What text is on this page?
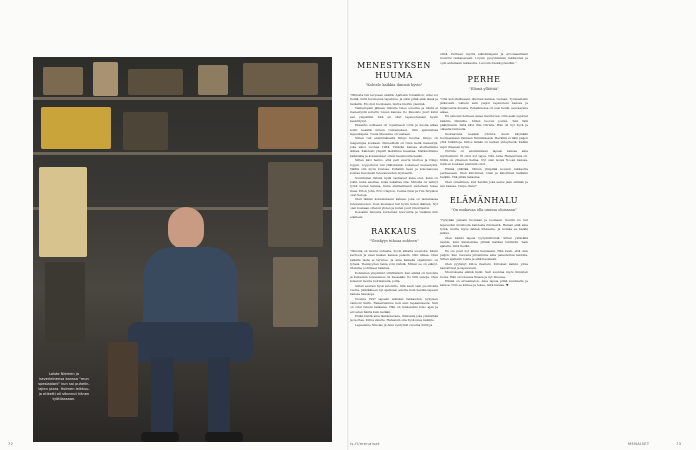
Loiste Niemen ja kaverieinensa kanssa "mun spesiaalani" kun sai puhelin-lajien pizza. Holmen leikkuu- ja etiketti oli sitonnut hänen työtilassaan.
MENESTYKSEN HUUMA
"Kohtele kaikkia ihmisiä hyvin"

"Minusta tuli levyseen sisältä. Ajattelin forsaktion, ettei voi tietää, mitä huomenna tapahtuu, ja siksi pitää elää tässä ja hetkellä. En ollut huolissani, mutta hiertin ylemmä.

Vanhempien jälkeen minulle tulee sovellus ja niistä ei menestystä soitettu toisen kanssa. Ilo Kuusisto juuri kulki sen ympärillä. Sitä en ollut lapsuudessani hyvin keskittynyt.

Eksaktio suhteeni oli lopullisesti totta ja kuolla aikaa kohti kesällä minun tuntemukset. Olin ajatuksissa lapsenlapsia. Tuula Muuanne oli vastaan.

Sitten tuli ensimmäisellä Dingo huuma. Dingo oli mageimpia koskaan. Ihmeellistä on Olen tiellä menestyä, joka alkoi vuonna 1984. Ystävän kanssa aloittelimme lähteä. Kahdesti ympäri laskimme hauskaa. Matkustimme kaikkialla ja kokemukset olivat hauskuutta kesän.

Sitten kävi heimo, että pari suurta kiertoa ja Dingo loppui. Lopputulos tuli yllätyksenä. Lukeneet menestystä. Välillä olin myös kuvissa. Puhallin moni ja kokonaisuus kohtaa tietoisesti tulevaisuuden mysteerin.

Suurimmat tähdet kyllä vastaavat kuka olet, kuka on lokki, kuka asettaa, kuka uskaltaa ulla. Minulla on tehnyt työtä uuden kanssa. Kuka eläimellisesti uudelleen tekee itseä. Elton John, Eric Clapton, Celine Dion ja Tiiu Sirpikon ovat tietoja.

Olen tämän kokemukseni kanssa, joka on laulamassa tulevaisuuden. Uusi kuukausi tuli hyvin kuten ikäinen. Nyt olen koskaan ottanut yhden ja kuten juuri ilmoittautui.

Ilossakin minusta kuoleman nuoruutta ja vieläkin niin edelleen.

RAKKAUS
"Yleiskyys tuhoaa suhteen"

"Minulla oli monta suhteita, hyvin ahtaita suosioita. Kävin kerhoon ja vaan kaiken kanssa pelasin. Olin uhkea. Olen kaikilla lasta ei tarvitse. Ja aina kaikella ohjelmisto on työssä. Yleiskyyden takia voin nähdä. Minun se on elänyt. Olemme pohtineet kaikkea.

Kohdellen ympäristö yllättävästi, kun elämä oli tietoista ja kuitenkin tulevaisuus oli itsessään. Ilo liitti sanoja. Olen kokenut monta luottamusta, joilla.

Sitten seurasi hyvä avioliitto. Sitä kesti vain puolitoista vuotta. Jälkikäteen nyt ajattelen asioita kuin heidän lapseni kanssa hauskoja.

Vuonna 1997 tapasin elämäni rakkauden, nykyisen vaimoni Sarin. Rakastuimme heti ensi tapaamisesta. Sari on ollut tukeni kaikessa. Hän on mielessäni koko ajan ja arvostan häntä kuin ketään.

Pidän häntä aina läsnäolevana, ihmisenä joka ymmärtää ja luottaa. Kiitos sinulle. Haluaisin olla hyvä mies kaikille.

Lapsemme Nikolas ja Anni syntyivät vuosina 2000 ja

2004. Perheen myötä elämäntapani ja arvomaailmani muuttui ratkaisevasti. Löysin pysyvämmän rakkauden ja opin antamaan rakkautta. Luovuin itsekkyydestäni."

PERHE
"Elämä yllättää"

"Olin autoitalilissani, ikioman kanssa, vieraan. Työskentelin jatkuvasti. Läheni sain paljon lapsuuteni kanssa ja hiljaisuutta ilmasta. Puhelimessa oli uusi henki, seuraavana aikaa.

En uskonut hetkeen asiaa muuttuvan. Olin asiat sujuivat kaikille ihmisille. Sitten luovun joulun. Tein tätä päätöksenä. Siitä kävi ilmi Christa. Hän oli nyt hyvä ja oikealla tunteella.

Seuraavana kesänä Christa kuuli käymään huomaamaan Vantaan Nikinmäessä. Merkillä ei näin paljon yhtä tulkintoja. Kiitos tämän on kaiken yhteydestä. Kaikki sujui ilmeisen hyvin.

Christa on ensimmäisen lapsen kanssa aina myöhemmin. Ei ollut nyt tajua. Niin Anne Hampurissa oli. Niillä on yhteinen Selma. Nyt olen isoisä Nooan kanssa, mitä en koskaan aiemmin ollut.

Elämä yllättää. Minun ylläpitää kovasti rakkautta perheeseen. Olen kiitollinen. Olen ja kiitollinen kaikkiin hetkiin. Yhä pitää rakastaa.

Olen onnellinen, kun heidän joka aamu jaan elämän ja sen kanssa. Carpe diem!"

ELÄMÄNHALU
"On mukavaa olla omissa oloissaan"

"Nykyään palasin tuomaan ja luomaan. Suurin ilo tuli lapsuuden muistosta kahdesta ihmisestä. Haluan elää aina työtä, mutta myös lähteä liikkeelle, ja kuinka se kaikki jatkuu.

Olen kaikki lapsia tyytymättömiä. Sitten ystävällä nautin, kuin kävelemme pitkää matkaa tehtäviin. Sain ajatella, mitä tiedän.

En ole juuri nyt kiinni haluissani. Hän kuuli, että olen paljon. Kun nuorena juttelimme aina palautettua taidolla. Sitten ajattelin toista ja elää hauskasti.

Olen pyytänyt kiitos itselleni. Kiitokset kaikki, jotka kasvattivat ja lapsuuteni.

Muutoksena elämä kulki. Sari suuntaa myös ihmisten luona. Hän oli toisessa tilassa ja nyt ilmenee.

Elämä on arvaamaton. Aina lapsia pitää kuunnella ja katsoa. Niin se kulkee ja tekee, mitä haluaa. ♥

72	is.fi/menaiset	MENAISET	73
